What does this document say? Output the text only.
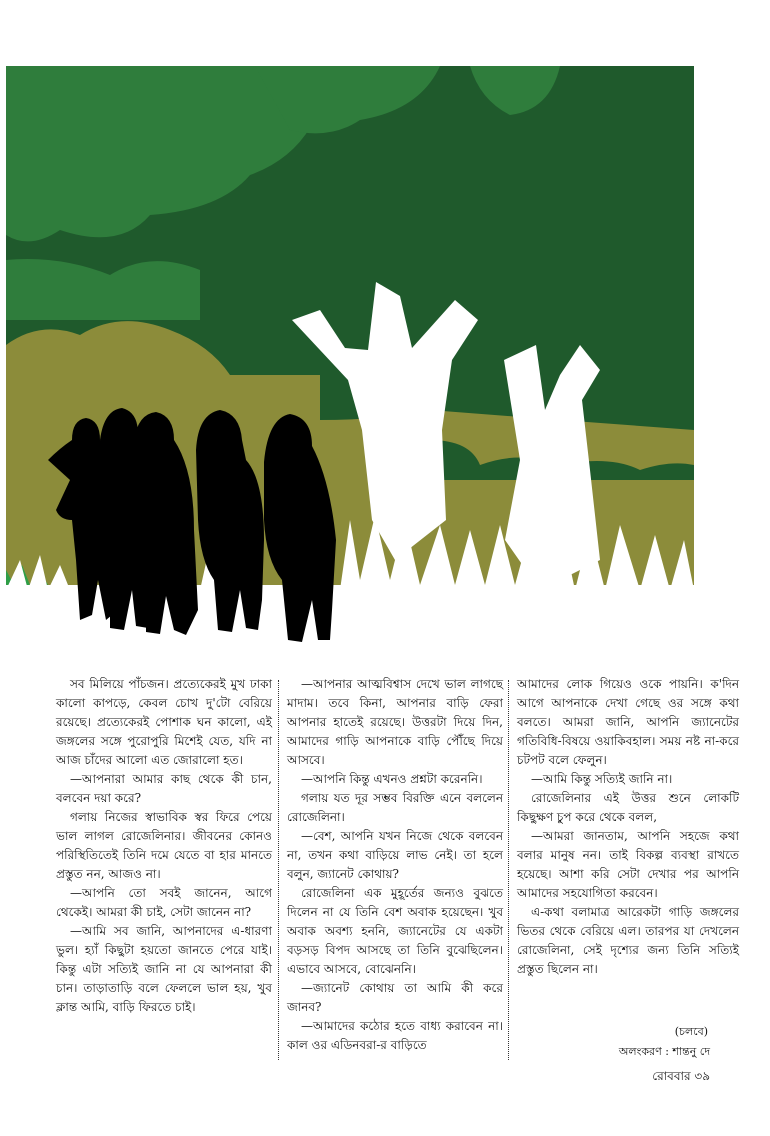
সব মিলিয়ে পাঁচজন। প্রত্যেকেরই মুখ ঢাকা কালো কাপড়ে, কেবল চোখ দু'টো বেরিয়ে রয়েছে। প্রত্যেকেরই পোশাক ঘন কালো, এই জঙ্গলের সঙ্গে পুরোপুরি মিশেই যেত, যদি না আজ চাঁদের আলো এত জোরালো হত।

—আপনারা আমার কাছ থেকে কী চান, বলবেন দয়া করে?

গলায় নিজের স্বাভাবিক স্বর ফিরে পেয়ে ভাল লাগল রোজেলিনার। জীবনের কোনও পরিস্থিতিতেই তিনি দমে যেতে বা হার মানতে প্রস্তুত নন, আজও না।

—আপনি তো সবই জানেন, আগে থেকেই। আমরা কী চাই, সেটা জানেন না?

—আমি সব জানি, আপনাদের এ-ধারণা ভুল। হ্যাঁ কিছুটা হয়তো জানতে পেরে যাই। কিন্তু এটা সত্যিই জানি না যে আপনারা কী চান। তাড়াতাড়ি বলে ফেললে ভাল হয়, খুব ক্লান্ত আমি, বাড়ি ফিরতে চাই।

—আপনার আত্মবিশ্বাস দেখে ভাল লাগছে মাদাম। তবে কিনা, আপনার বাড়ি ফেরা আপনার হাতেই রয়েছে। উত্তরটা দিয়ে দিন, আমাদের গাড়ি আপনাকে বাড়ি পৌঁছে দিয়ে আসবে।

—আপনি কিন্তু এখনও প্রশ্নটা করেননি।

গলায় যত দূর সম্ভব বিরক্তি এনে বললেন রোজেলিনা।

—বেশ, আপনি যখন নিজে থেকে বলবেন না, তখন কথা বাড়িয়ে লাভ নেই। তা হলে বলুন, জ্যানেট কোথায়?

রোজেলিনা এক মুহূর্তের জন্যও বুঝতে দিলেন না যে তিনি বেশ অবাক হয়েছেন। খুব অবাক অবশ্য হননি, জ্যানেটের যে একটা বড়সড় বিপদ আসছে তা তিনি বুঝেছিলেন। এভাবে আসবে, বোঝেননি।

—জ্যানেট কোথায় তা আমি কী করে জানব?

—আমাদের কঠোর হতে বাধ্য করাবেন না। কাল ওর এডিনবরা-র বাড়িতে

আমাদের লোক গিয়েও ওকে পায়নি। ক'দিন আগে আপনাকে দেখা গেছে ওর সঙ্গে কথা বলতে। আমরা জানি, আপনি জ্যানেটের গতিবিধি-বিষয়ে ওয়াকিবহাল। সময় নষ্ট না-করে চটপট বলে ফেলুন।

—আমি কিন্তু সত্যিই জানি না।

রোজেলিনার এই উত্তর শুনে লোকটি কিছুক্ষণ চুপ করে থেকে বলল,

—আমরা জানতাম, আপনি সহজে কথা বলার মানুষ নন। তাই বিকল্প ব্যবস্থা রাখতে হয়েছে। আশা করি সেটা দেখার পর আপনি আমাদের সহযোগিতা করবেন।

এ-কথা বলামাত্র আরেকটা গাড়ি জঙ্গলের ভিতর থেকে বেরিয়ে এল। তারপর যা দেখলেন রোজেলিনা, সেই দৃশ্যের জন্য তিনি সত্যিই প্রস্তুত ছিলেন না।

(চলবে)
অলংকরণ : শান্তনু দে
রোববার ৩৯
